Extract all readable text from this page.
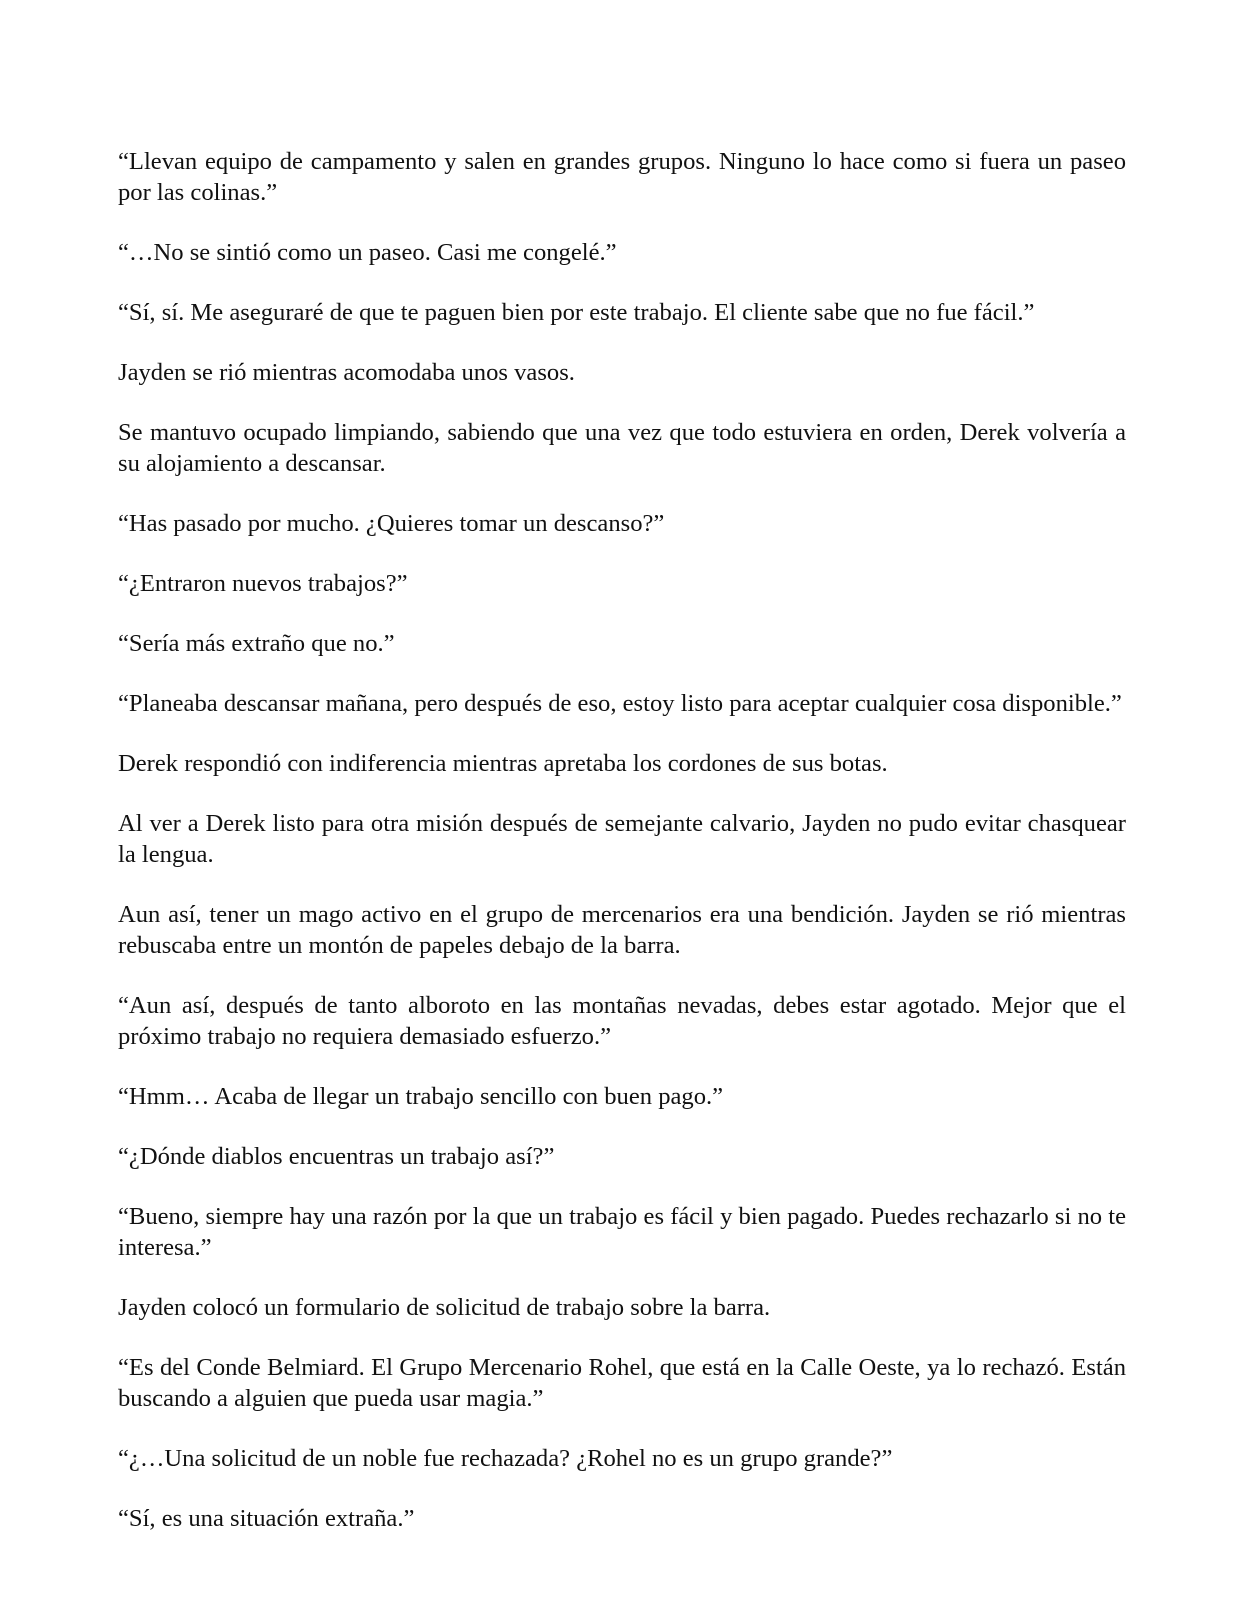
“Llevan equipo de campamento y salen en grandes grupos. Ninguno lo hace como si fuera un paseo por las colinas.”

“…No se sintió como un paseo. Casi me congelé.”

“Sí, sí. Me aseguraré de que te paguen bien por este trabajo. El cliente sabe que no fue fácil.”

Jayden se rió mientras acomodaba unos vasos.

Se mantuvo ocupado limpiando, sabiendo que una vez que todo estuviera en orden, Derek volvería a su alojamiento a descansar.

“Has pasado por mucho. ¿Quieres tomar un descanso?”

“¿Entraron nuevos trabajos?”

“Sería más extraño que no.”

“Planeaba descansar mañana, pero después de eso, estoy listo para aceptar cualquier cosa disponible.”

Derek respondió con indiferencia mientras apretaba los cordones de sus botas.

Al ver a Derek listo para otra misión después de semejante calvario, Jayden no pudo evitar chasquear la lengua.

Aun así, tener un mago activo en el grupo de mercenarios era una bendición. Jayden se rió mientras rebuscaba entre un montón de papeles debajo de la barra.

“Aun así, después de tanto alboroto en las montañas nevadas, debes estar agotado. Mejor que el próximo trabajo no requiera demasiado esfuerzo.”

“Hmm… Acaba de llegar un trabajo sencillo con buen pago.”

“¿Dónde diablos encuentras un trabajo así?”

“Bueno, siempre hay una razón por la que un trabajo es fácil y bien pagado. Puedes rechazarlo si no te interesa.”

Jayden colocó un formulario de solicitud de trabajo sobre la barra.

“Es del Conde Belmiard. El Grupo Mercenario Rohel, que está en la Calle Oeste, ya lo rechazó. Están buscando a alguien que pueda usar magia.”

“¿…Una solicitud de un noble fue rechazada? ¿Rohel no es un grupo grande?”

“Sí, es una situación extraña.”
